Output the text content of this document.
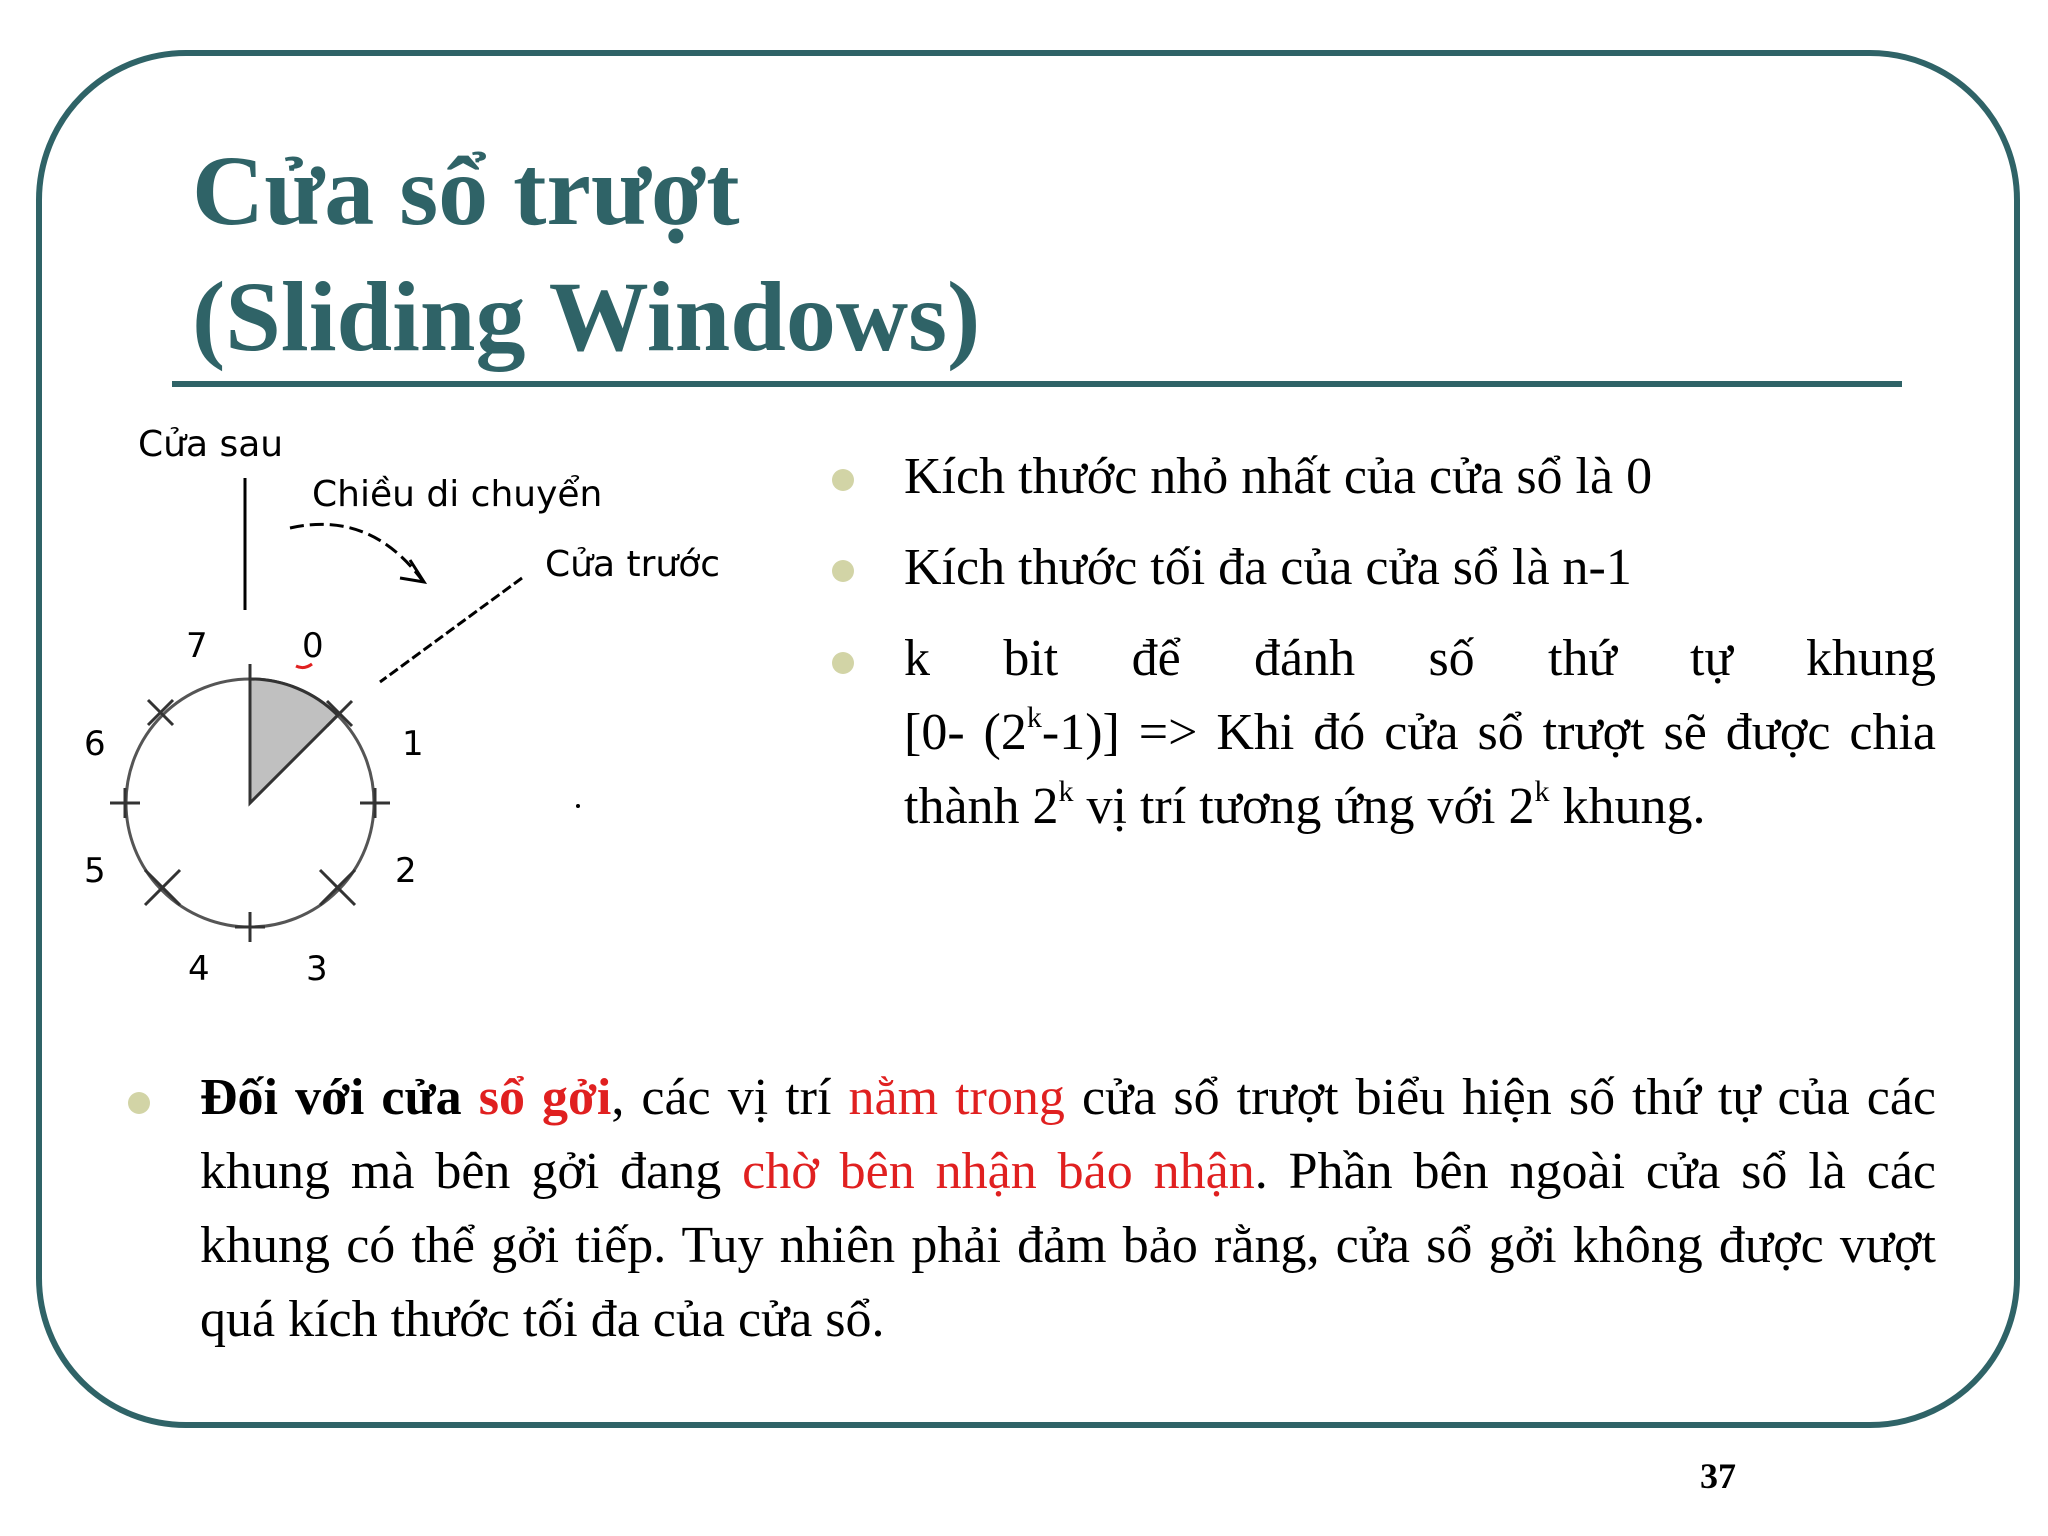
Cửa sổ trượt
(Sliding Windows)
Cửa sau
Chiều di chuyển
Cửa trước
0
1
2
3
4
5
6
7
Kích thước nhỏ nhất của cửa sổ là 0
Kích thước tối đa của cửa sổ là n-1
k bit để đánh số thứ tự khung
[0- $(2^k-1)$] => Khi đó cửa sổ trượt sẽ được chia thành 2$^k$ vị trí tương ứng với 2$^k$ khung.
Đối với cửa sổ gởi, các vị trí nằm trong cửa sổ trượt biểu hiện số thứ tự của các khung mà bên gởi đang chờ bên nhận báo nhận. Phần bên ngoài cửa sổ là các khung có thể gởi tiếp. Tuy nhiên phải đảm bảo rằng, cửa sổ gởi không được vượt quá kích thước tối đa của cửa sổ.
37
